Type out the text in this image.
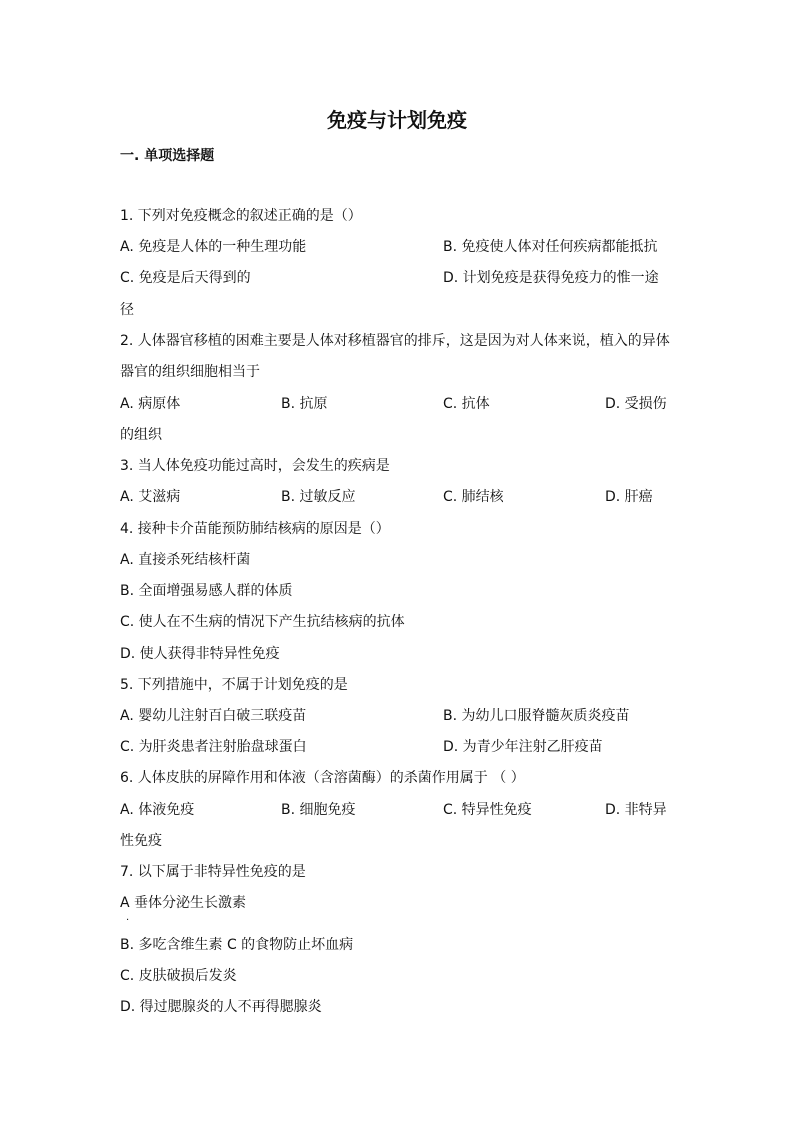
免疫与计划免疫
一. 单项选择题
1. 下列对免疫概念的叙述正确的是（）
A. 免疫是人体的一种生理功能	B. 免疫使人体对任何疾病都能抵抗
C. 免疫是后天得到的	D. 计划免疫是获得免疫力的惟一途
径
2. 人体器官移植的困难主要是人体对移植器官的排斥，这是因为对人体来说，植入的异体
器官的组织细胞相当于
A. 病原体	B. 抗原	C. 抗体	D. 受损伤
的组织
3. 当人体免疫功能过高时，会发生的疾病是
A. 艾滋病	B. 过敏反应	C. 肺结核	D. 肝癌
4. 接种卡介苗能预防肺结核病的原因是（）
A. 直接杀死结核杆菌
B. 全面增强易感人群的体质
C. 使人在不生病的情况下产生抗结核病的抗体
D. 使人获得非特异性免疫
5. 下列措施中，不属于计划免疫的是
A. 婴幼儿注射百白破三联疫苗	B. 为幼儿口服脊髓灰质炎疫苗
C. 为肝炎患者注射胎盘球蛋白	D. 为青少年注射乙肝疫苗
6. 人体皮肤的屏障作用和体液（含溶菌酶）的杀菌作用属于 （ ）
A. 体液免疫	B. 细胞免疫	C. 特异性免疫	D. 非特异
性免疫
7. 以下属于非特异性免疫的是
A 垂体分泌生长激素
.
B. 多吃含维生素 C 的食物防止坏血病
C. 皮肤破损后发炎
D. 得过腮腺炎的人不再得腮腺炎
